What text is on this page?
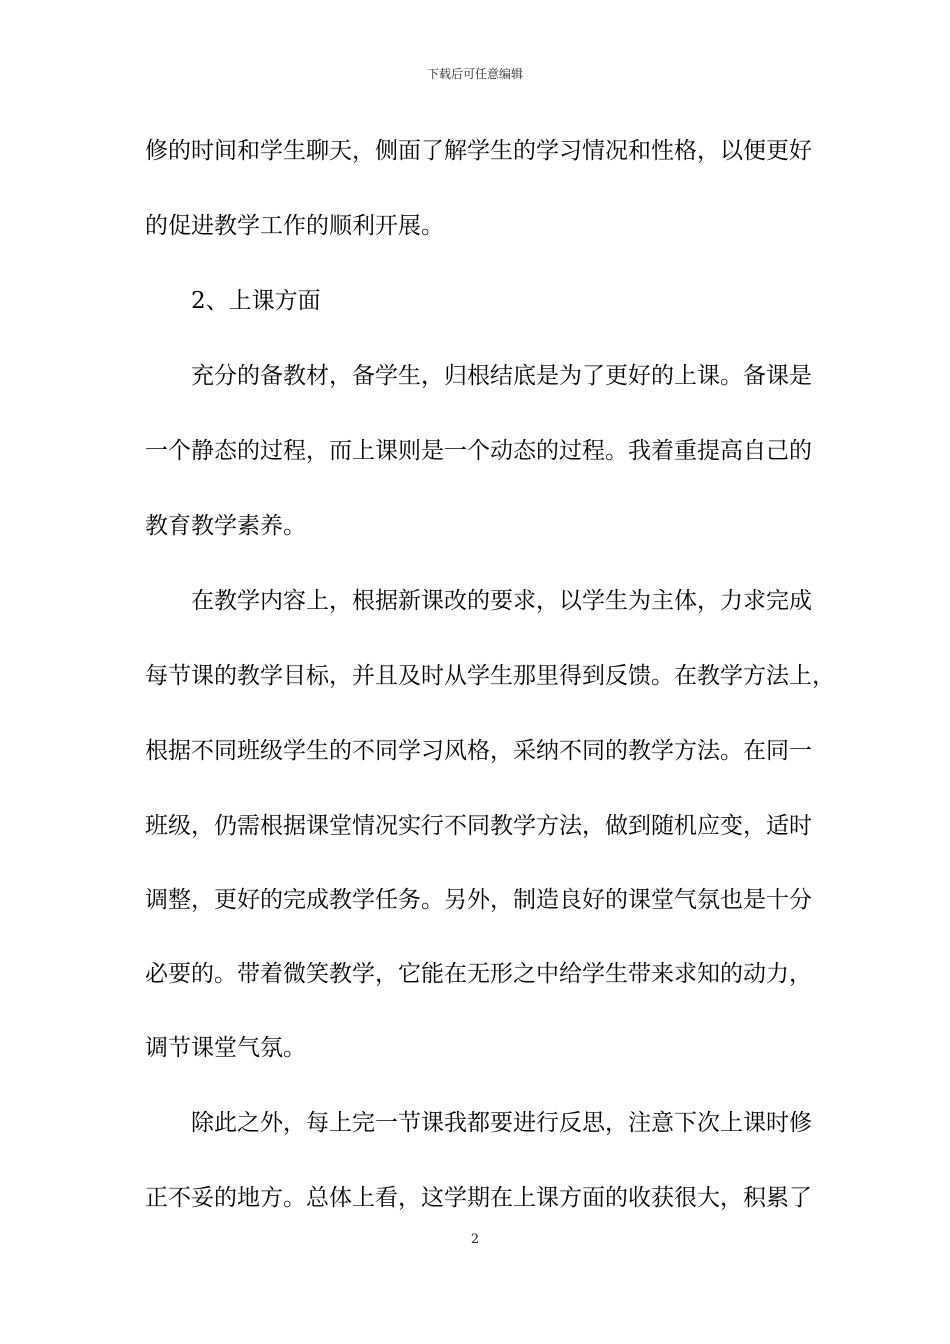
下载后可任意编辑
修的时间和学生聊天，侧面了解学生的学习情况和性格，以便更好
的促进教学工作的顺利开展。
　　2、上课方面
　　充分的备教材，备学生，归根结底是为了更好的上课。备课是
一个静态的过程，而上课则是一个动态的过程。我着重提高自己的
教育教学素养。
　　在教学内容上，根据新课改的要求，以学生为主体，力求完成
每节课的教学目标，并且及时从学生那里得到反馈。在教学方法上，
根据不同班级学生的不同学习风格，采纳不同的教学方法。在同一
班级，仍需根据课堂情况实行不同教学方法，做到随机应变，适时
调整，更好的完成教学任务。另外，制造良好的课堂气氛也是十分
必要的。带着微笑教学，它能在无形之中给学生带来求知的动力，
调节课堂气氛。
　　除此之外，每上完一节课我都要进行反思，注意下次上课时修
正不妥的地方。总体上看，这学期在上课方面的收获很大，积累了
2
